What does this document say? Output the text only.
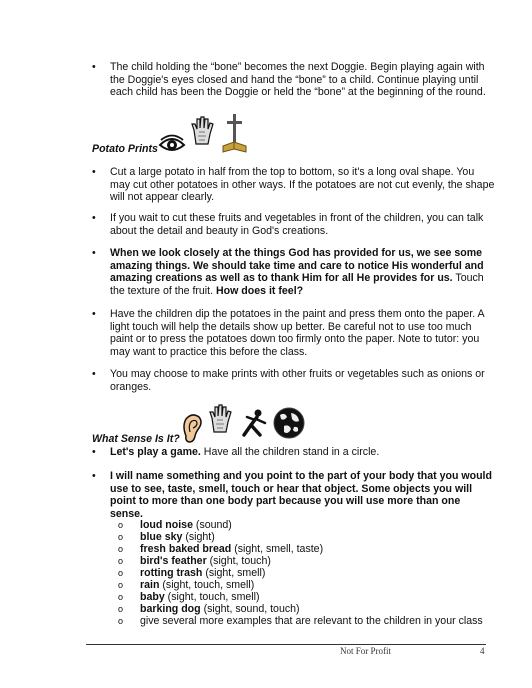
• The child holding the “bone” becomes the next Doggie. Begin playing again with the Doggie's eyes closed and hand the “bone” to a child. Continue playing until each child has been the Doggie or held the “bone” at the beginning of the round.
Potato Prints
• Cut a large potato in half from the top to bottom, so it's a long oval shape. You may cut other potatoes in other ways. If the potatoes are not cut evenly, the shape will not appear clearly.
• If you wait to cut these fruits and vegetables in front of the children, you can talk about the detail and beauty in God's creations.
• When we look closely at the things God has provided for us, we see some amazing things. We should take time and care to notice His wonderful and amazing creations as well as to thank Him for all He provides for us. Touch the texture of the fruit. How does it feel?
• Have the children dip the potatoes in the paint and press them onto the paper. A light touch will help the details show up better. Be careful not to use too much paint or to press the potatoes down too firmly onto the paper. Note to tutor: you may want to practice this before the class.
• You may choose to make prints with other fruits or vegetables such as onions or oranges.
What Sense Is It?
• Let's play a game. Have all the children stand in a circle.
• I will name something and you point to the part of your body that you would use to see, taste, smell, touch or hear that object. Some objects you will point to more than one body part because you will use more than one sense.
o loud noise (sound)
o blue sky (sight)
o fresh baked bread (sight, smell, taste)
o bird's feather (sight, touch)
o rotting trash (sight, smell)
o rain (sight, touch, smell)
o baby (sight, touch, smell)
o barking dog (sight, sound, touch)
o give several more examples that are relevant to the children in your class
Not For Profit	4
